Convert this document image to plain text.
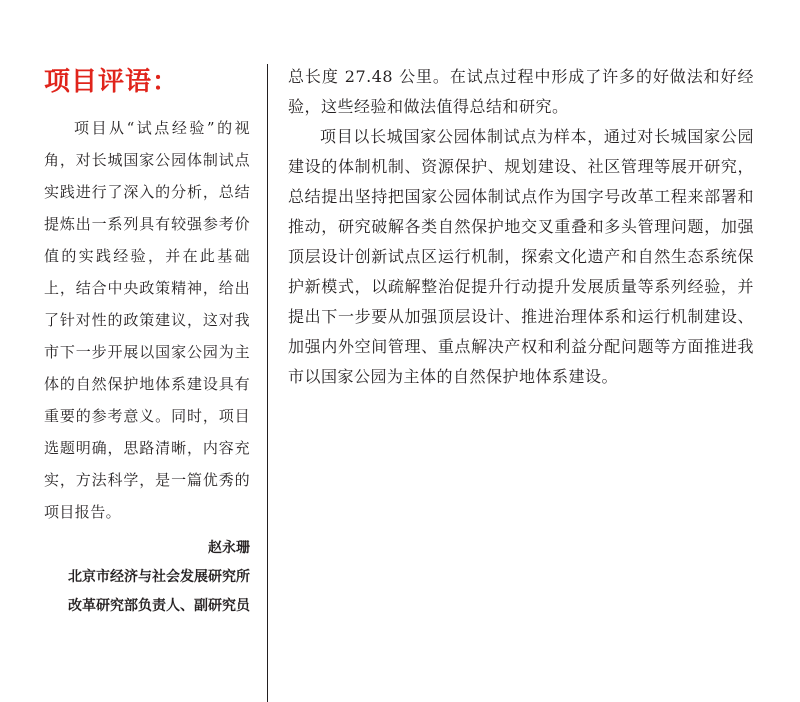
项目评语：

项目从“试点经验”的视角，对长城国家公园体制试点实践进行了深入的分析，总结提炼出一系列具有较强参考价值的实践经验，并在此基础上，结合中央政策精神，给出了针对性的政策建议，这对我市下一步开展以国家公园为主体的自然保护地体系建设具有重要的参考意义。同时，项目选题明确，思路清晰，内容充实，方法科学，是一篇优秀的项目报告。

赵永珊
北京市经济与社会发展研究所
改革研究部负责人、副研究员

总长度 27.48 公里。在试点过程中形成了许多的好做法和好经验，这些经验和做法值得总结和研究。

项目以长城国家公园体制试点为样本，通过对长城国家公园建设的体制机制、资源保护、规划建设、社区管理等展开研究，总结提出坚持把国家公园体制试点作为国字号改革工程来部署和推动，研究破解各类自然保护地交叉重叠和多头管理问题，加强顶层设计创新试点区运行机制，探索文化遗产和自然生态系统保护新模式，以疏解整治促提升行动提升发展质量等系列经验，并提出下一步要从加强顶层设计、推进治理体系和运行机制建设、加强内外空间管理、重点解决产权和利益分配问题等方面推进我市以国家公园为主体的自然保护地体系建设。
